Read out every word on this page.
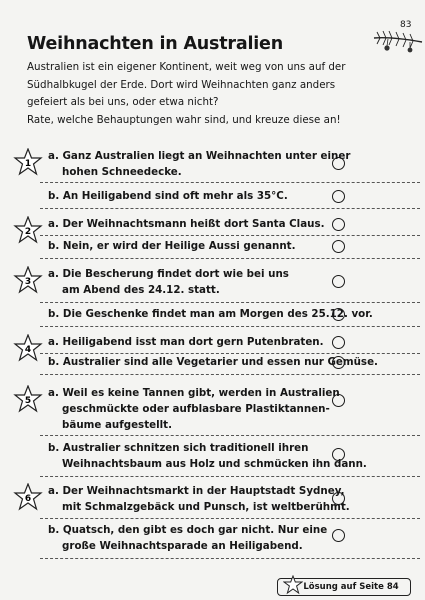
83
Weihnachten in Australien
Australien ist ein eigener Kontinent, weit weg von uns auf der
Südhalbkugel der Erde. Dort wird Weihnachten ganz anders
gefeiert als bei uns, oder etwa nicht?
Rate, welche Behauptungen wahr sind, und kreuze diese an!
1
a. Ganz Australien liegt an Weihnachten unter einer
hohen Schneedecke.
b. An Heiligabend sind oft mehr als 35°C.
2
a. Der Weihnachtsmann heißt dort Santa Claus.
b. Nein, er wird der Heilige Aussi genannt.
3
a. Die Bescherung findet dort wie bei uns
am Abend des 24.12. statt.
b. Die Geschenke findet man am Morgen des 25.12. vor.
4
a. Heiligabend isst man dort gern Putenbraten.
b. Australier sind alle Vegetarier und essen nur Gemüse.
5
a. Weil es keine Tannen gibt, werden in Australien
geschmückte oder aufblasbare Plastiktannen-
bäume aufgestellt.
b. Australier schnitzen sich traditionell ihren
Weihnachtsbaum aus Holz und schmücken ihn dann.
6
a. Der Weihnachtsmarkt in der Hauptstadt Sydney,
mit Schmalzgebäck und Punsch, ist weltberühmt.
b. Quatsch, den gibt es doch gar nicht. Nur eine
große Weihnachtsparade an Heiligabend.
Lösung auf Seite 84
